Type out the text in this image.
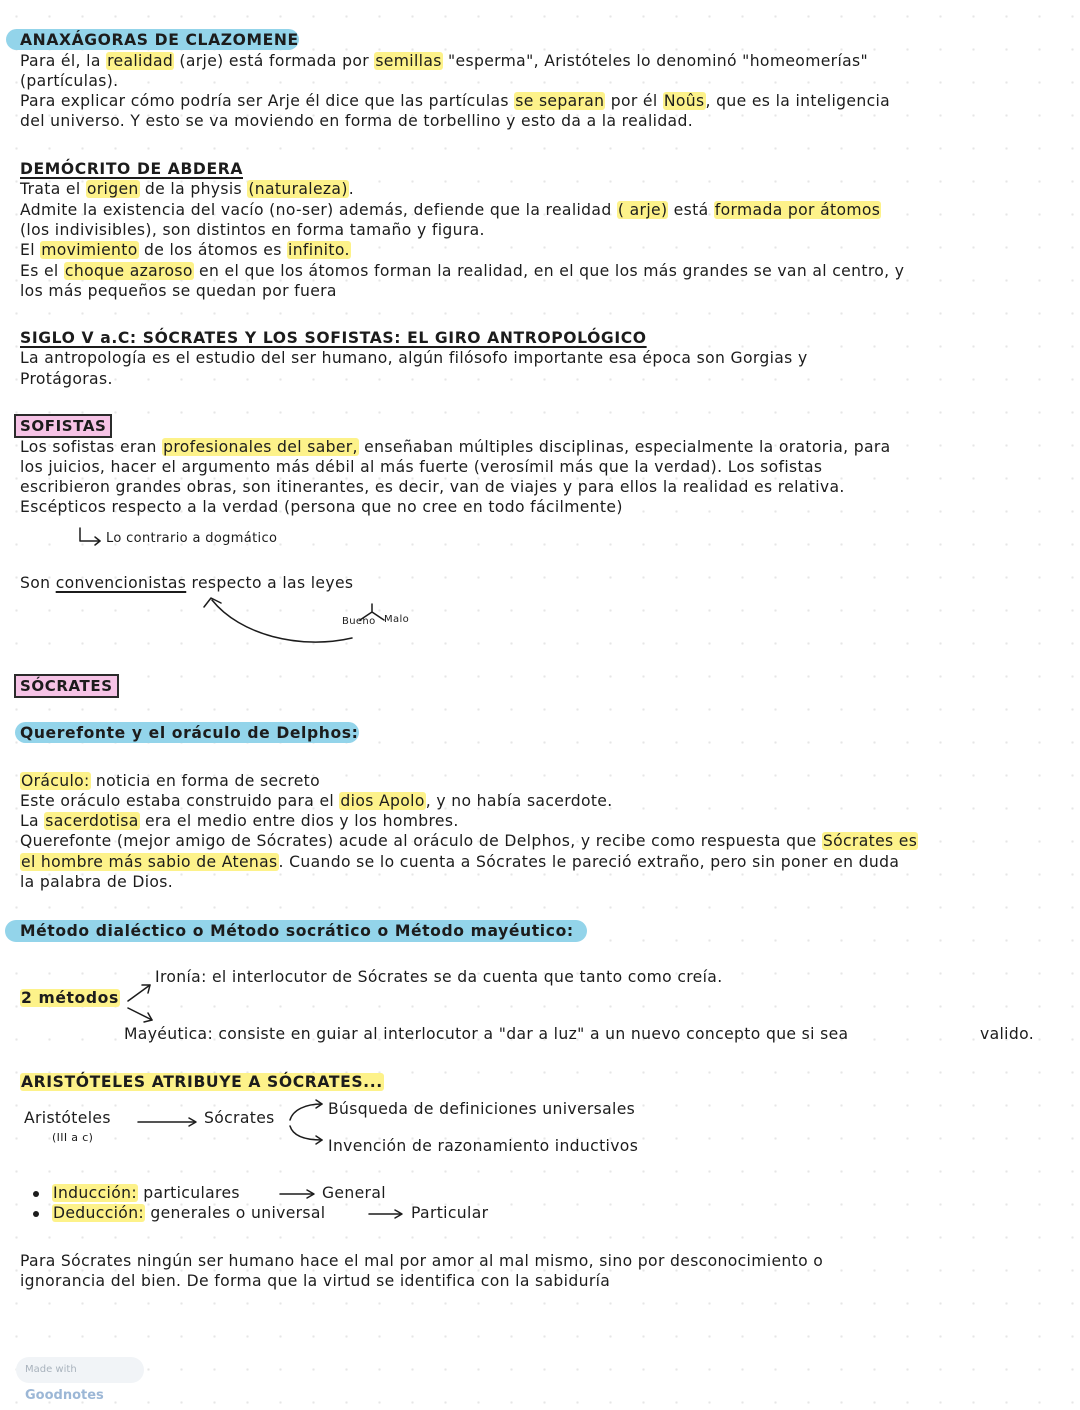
ANAXÁGORAS DE CLAZOMENE
Para él, la realidad (arje) está formada por semillas "esperma", Aristóteles lo denominó "homeomerías"
(partículas).
Para explicar cómo podría ser Arje él dice que las partículas se separan por él Noûs, que es la inteligencia
del universo. Y esto se va moviendo en forma de torbellino y esto da a la realidad.
DEMÓCRITO DE ABDERA
Trata el origen de la physis (naturaleza).
Admite la existencia del vacío (no-ser) además, defiende que la realidad ( arje) está formada por átomos
(los indivisibles), son distintos en forma tamaño y figura.
El movimiento de los átomos es infinito.
Es el choque azaroso en el que los átomos forman la realidad, en el que los más grandes se van al centro, y
los más pequeños se quedan por fuera
SIGLO V a.C: SÓCRATES Y LOS SOFISTAS: EL GIRO ANTROPOLÓGICO
La antropología es el estudio del ser humano, algún filósofo importante esa época son Gorgias y
Protágoras.
SOFISTAS
Los sofistas eran profesionales del saber, enseñaban múltiples disciplinas, especialmente la oratoria, para
los juicios, hacer el argumento más débil al más fuerte (verosímil más que la verdad). Los sofistas
escribieron grandes obras, son itinerantes, es decir, van de viajes y para ellos la realidad es relativa.
Escépticos respecto a la verdad (persona que no cree en todo fácilmente)
Lo contrario a dogmático
Son convencionistas respecto a las leyes
Bueno Malo
SÓCRATES
Querefonte y el oráculo de Delphos:
Oráculo: noticia en forma de secreto
Este oráculo estaba construido para el dios Apolo, y no había sacerdote.
La sacerdotisa era el medio entre dios y los hombres.
Querefonte (mejor amigo de Sócrates) acude al oráculo de Delphos, y recibe como respuesta que Sócrates es
el hombre más sabio de Atenas. Cuando se lo cuenta a Sócrates le pareció extraño, pero sin poner en duda
la palabra de Dios.
Método dialéctico o Método socrático o Método mayéutico:
Ironía: el interlocutor de Sócrates se da cuenta que tanto como creía.
2 métodos
Mayéutica: consiste en guiar al interlocutor a "dar a luz" a un nuevo concepto que si sea	valido.
ARISTÓTELES ATRIBUYE A SÓCRATES...
Aristóteles
(III a c)
Sócrates	Búsqueda de definiciones universales
Invención de razonamiento inductivos
Inducción: particulares	General
Deducción: generales o universal	Particular
Para Sócrates ningún ser humano hace el mal por amor al mal mismo, sino por desconocimiento o
ignorancia del bien. De forma que la virtud se identifica con la sabiduría
Made with Goodnotes
